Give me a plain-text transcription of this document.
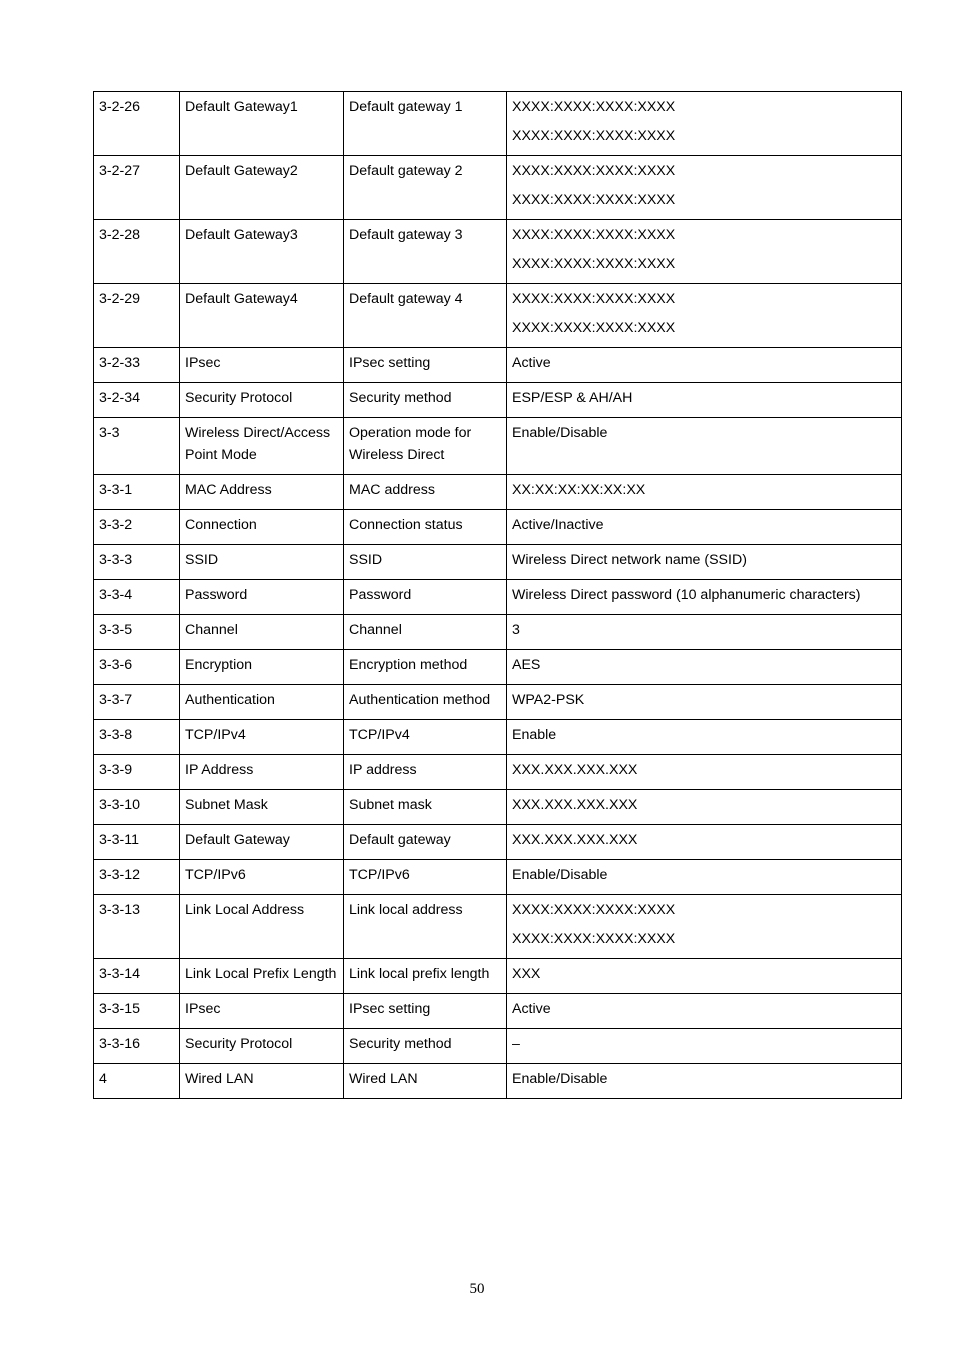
3-2-26	Default Gateway1	Default gateway 1	XXXX:XXXX:XXXX:XXXX
XXXX:XXXX:XXXX:XXXX

3-2-27	Default Gateway2	Default gateway 2	XXXX:XXXX:XXXX:XXXX
XXXX:XXXX:XXXX:XXXX

3-2-28	Default Gateway3	Default gateway 3	XXXX:XXXX:XXXX:XXXX
XXXX:XXXX:XXXX:XXXX

3-2-29	Default Gateway4	Default gateway 4	XXXX:XXXX:XXXX:XXXX
XXXX:XXXX:XXXX:XXXX

3-2-33	IPsec	IPsec setting	Active

3-2-34	Security Protocol	Security method	ESP/ESP & AH/AH

3-3	Wireless Direct/Access Point Mode	Operation mode for Wireless Direct	Enable/Disable

3-3-1	MAC Address	MAC address	XX:XX:XX:XX:XX:XX

3-3-2	Connection	Connection status	Active/Inactive

3-3-3	SSID	SSID	Wireless Direct network name (SSID)

3-3-4	Password	Password	Wireless Direct password (10 alphanumeric characters)

3-3-5	Channel	Channel	3

3-3-6	Encryption	Encryption method	AES

3-3-7	Authentication	Authentication method	WPA2-PSK

3-3-8	TCP/IPv4	TCP/IPv4	Enable

3-3-9	IP Address	IP address	XXX.XXX.XXX.XXX

3-3-10	Subnet Mask	Subnet mask	XXX.XXX.XXX.XXX

3-3-11	Default Gateway	Default gateway	XXX.XXX.XXX.XXX

3-3-12	TCP/IPv6	TCP/IPv6	Enable/Disable

3-3-13	Link Local Address	Link local address	XXXX:XXXX:XXXX:XXXX
XXXX:XXXX:XXXX:XXXX

3-3-14	Link Local Prefix Length	Link local prefix length	XXX

3-3-15	IPsec	IPsec setting	Active

3-3-16	Security Protocol	Security method	–

4	Wired LAN	Wired LAN	Enable/Disable
50
